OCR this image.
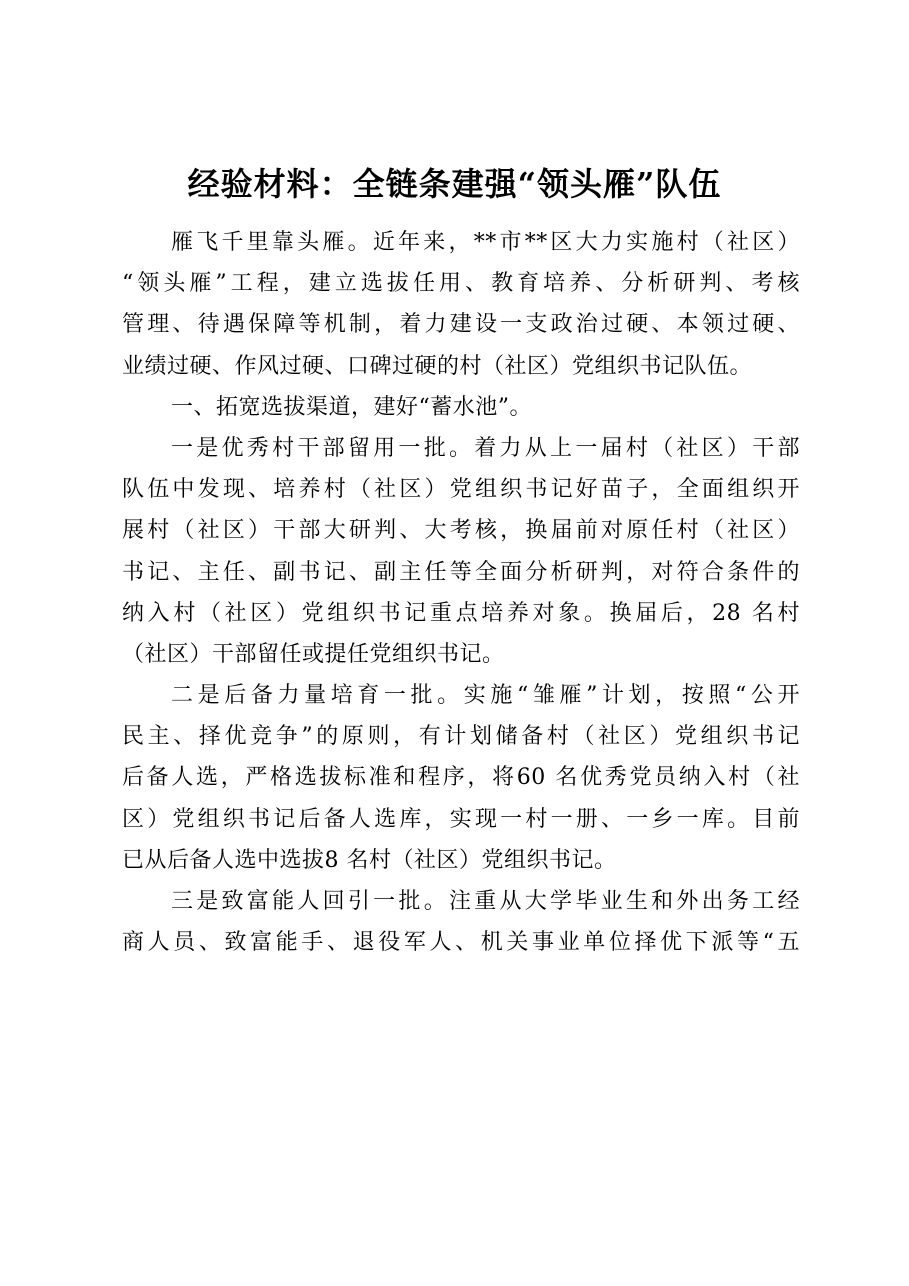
经验材料：全链条建强“领头雁”队伍
雁飞千里靠头雁。近年来，**市**区大力实施村（社区）
“领头雁”工程，建立选拔任用、教育培养、分析研判、考核
管理、待遇保障等机制，着力建设一支政治过硬、本领过硬、
业绩过硬、作风过硬、口碑过硬的村（社区）党组织书记队伍。
一、拓宽选拔渠道，建好“蓄水池”。
一是优秀村干部留用一批。着力从上一届村（社区）干部
队伍中发现、培养村（社区）党组织书记好苗子，全面组织开
展村（社区）干部大研判、大考核，换届前对原任村（社区）
书记、主任、副书记、副主任等全面分析研判，对符合条件的
纳入村（社区）党组织书记重点培养对象。换届后，28 名村
（社区）干部留任或提任党组织书记。
二是后备力量培育一批。实施“雏雁”计划，按照“公开
民主、择优竞争”的原则，有计划储备村（社区）党组织书记
后备人选，严格选拔标准和程序，将60 名优秀党员纳入村（社
区）党组织书记后备人选库，实现一村一册、一乡一库。目前
已从后备人选中选拔8 名村（社区）党组织书记。
三是致富能人回引一批。注重从大学毕业生和外出务工经
商人员、致富能手、退役军人、机关事业单位择优下派等“五
